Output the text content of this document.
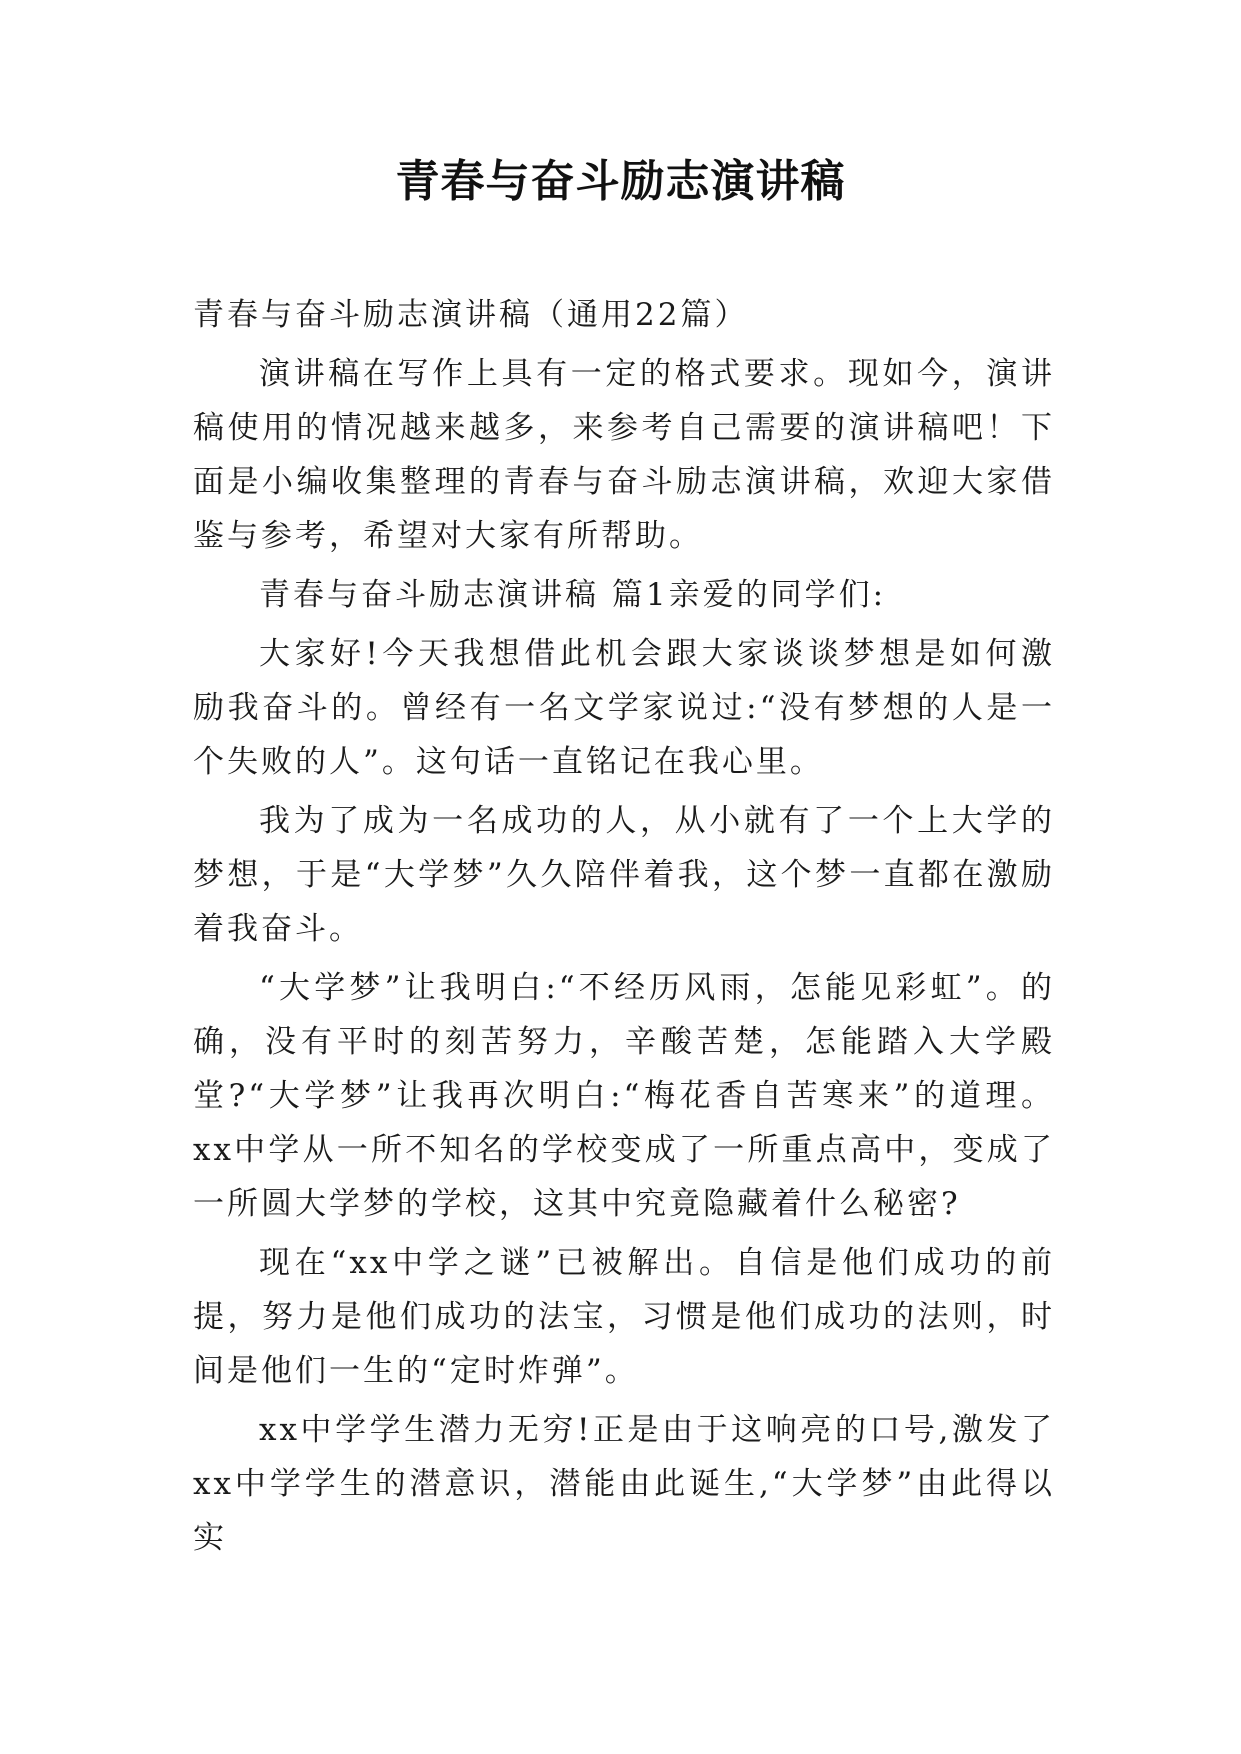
青春与奋斗励志演讲稿

青春与奋斗励志演讲稿（通用22篇）

演讲稿在写作上具有一定的格式要求。现如今，演讲稿使用的情况越来越多，来参考自己需要的演讲稿吧！下面是小编收集整理的青春与奋斗励志演讲稿，欢迎大家借鉴与参考，希望对大家有所帮助。

青春与奋斗励志演讲稿 篇1亲爱的同学们:

大家好!今天我想借此机会跟大家谈谈梦想是如何激励我奋斗的。曾经有一名文学家说过:“没有梦想的人是一个失败的人”。这句话一直铭记在我心里。

我为了成为一名成功的人，从小就有了一个上大学的梦想，于是“大学梦”久久陪伴着我，这个梦一直都在激励着我奋斗。

“大学梦”让我明白:“不经历风雨，怎能见彩虹”。的确，没有平时的刻苦努力，辛酸苦楚，怎能踏入大学殿堂?“大学梦”让我再次明白:“梅花香自苦寒来”的道理。xx中学从一所不知名的学校变成了一所重点高中，变成了一所圆大学梦的学校，这其中究竟隐藏着什么秘密?

现在“xx中学之谜”已被解出。自信是他们成功的前提，努力是他们成功的法宝，习惯是他们成功的法则，时间是他们一生的“定时炸弹”。

xx中学学生潜力无穷!正是由于这响亮的口号,激发了xx中学学生的潜意识，潜能由此诞生,“大学梦”由此得以实
